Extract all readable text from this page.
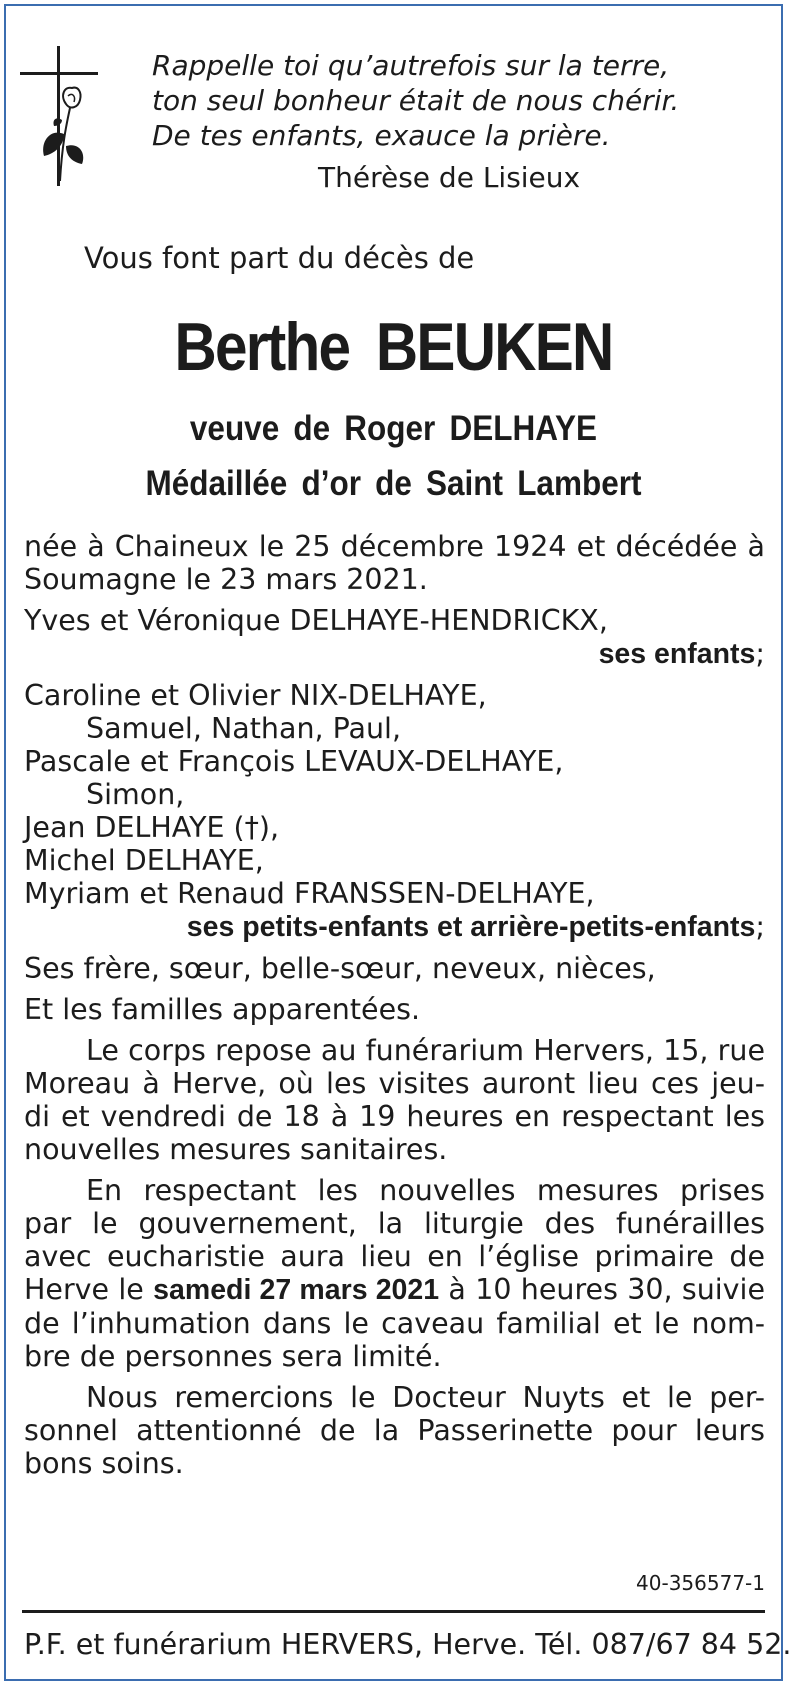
Rappelle toi qu’autrefois sur la terre,
ton seul bonheur était de nous chérir.
De tes enfants, exauce la prière.
Thérèse de Lisieux
Vous font part du décès de
Berthe BEUKEN
veuve de Roger DELHAYE
Médaillée d’or de Saint Lambert
née à Chaineux le 25 décembre 1924 et décédée à
Soumagne le 23 mars 2021.
Yves et Véronique DELHAYE-HENDRICKX,
ses enfants;
Caroline et Olivier NIX-DELHAYE,
Samuel, Nathan, Paul,
Pascale et François LEVAUX-DELHAYE,
Simon,
Jean DELHAYE (†),
Michel DELHAYE,
Myriam et Renaud FRANSSEN-DELHAYE,
ses petits-enfants et arrière-petits-enfants;
Ses frère, sœur, belle-sœur, neveux, nièces,
Et les familles apparentées.
Le corps repose au funérarium Hervers, 15, rue
Moreau à Herve, où les visites auront lieu ces jeu-
di et vendredi de 18 à 19 heures en respectant les
nouvelles mesures sanitaires.
En respectant les nouvelles mesures prises
par le gouvernement, la liturgie des funérailles
avec eucharistie aura lieu en l’église primaire de
Herve le samedi 27 mars 2021 à 10 heures 30, suivie
de l’inhumation dans le caveau familial et le nom-
bre de personnes sera limité.
Nous remercions le Docteur Nuyts et le per-
sonnel attentionné de la Passerinette pour leurs
bons soins.
40-356577-1
P.F. et funérarium HERVERS, Herve. Tél. 087/67 84 52.
